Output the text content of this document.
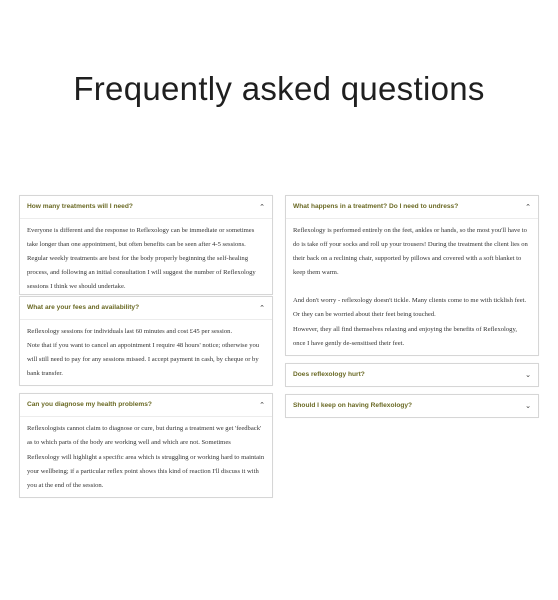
Frequently asked questions
How many treatments will I need?	⌃

Everyone is different and the response to Reflexology can be immediate or sometimes take longer than one appointment, but often benefits can be seen after 4-5 sessions. Regular weekly treatments are best for the body properly beginning the self-healing process, and following an initial consultation I will suggest the number of Reflexology sessions I think we should undertake.

What are your fees and availability?	⌃

Reflexology sessions for individuals last 60 minutes and cost £45 per session.

Note that if you want to cancel an appointment I require 48 hours' notice; otherwise you will still need to pay for any sessions missed. I accept payment in cash, by cheque or by bank transfer.

Can you diagnose my health problems?	⌃

Reflexologists cannot claim to diagnose or cure, but during a treatment we get 'feedback' as to which parts of the body are working well and which are not. Sometimes Reflexology will highlight a specific area which is struggling or working hard to maintain your wellbeing; if a particular reflex point shows this kind of reaction I'll discuss it with you at the end of the session.

What happens in a treatment? Do I need to undress?	⌃

Reflexology is performed entirely on the feet, ankles or hands, so the most you'll have to do is take off your socks and roll up your trousers! During the treatment the client lies on their back on a reclining chair, supported by pillows and covered with a soft blanket to keep them warm.

And don't worry - reflexology doesn't tickle. Many clients come to me with ticklish feet. Or they can be worried about their feet being touched.

However, they all find themselves relaxing and enjoying the benefits of Reflexology, once I have gently de-sensitised their feet.

Does reflexology hurt?	⌄
Should I keep on having Reflexology?	⌄
